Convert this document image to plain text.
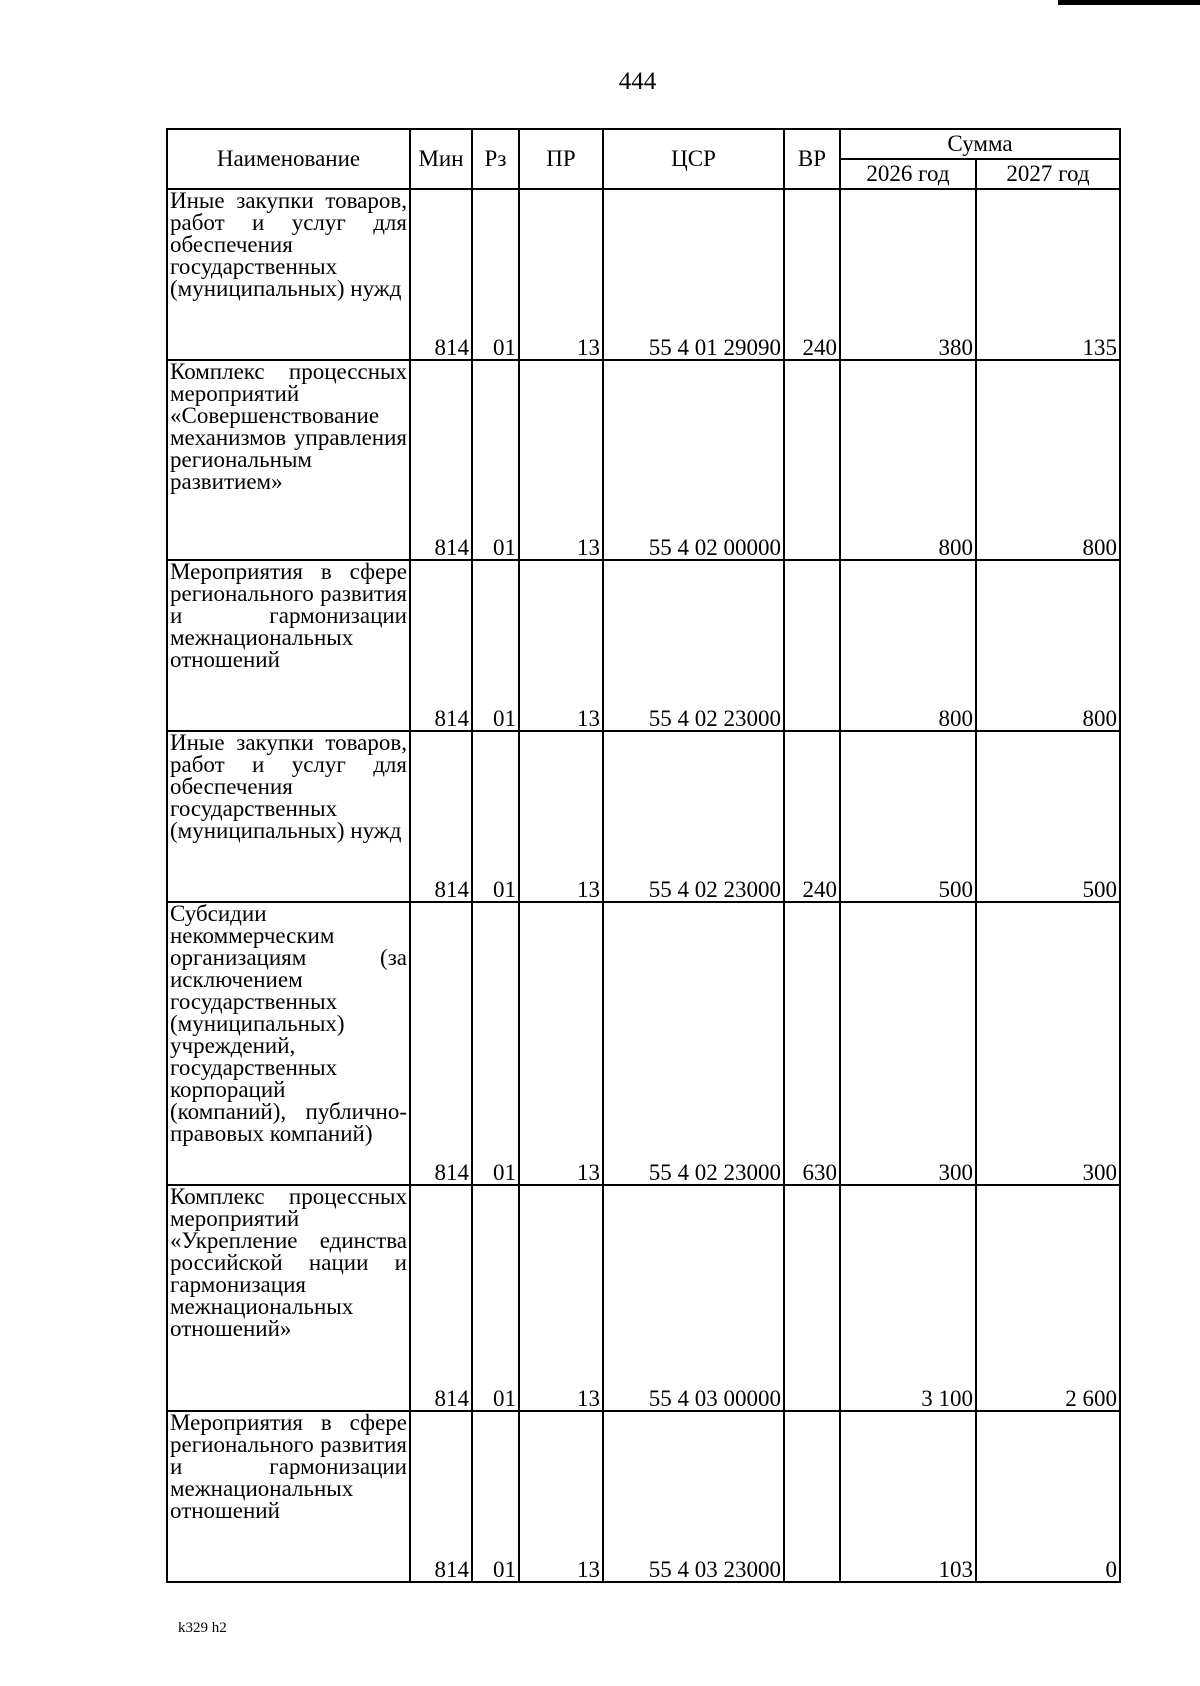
444
Наименование	Мин	Рз	ПР	ЦСР	ВР	Сумма	
						2026 год	2027 год
Иные закупки товаров, работ и услуг для обеспечения государственных (муниципальных) нужд	814	01	13	55 4 01 29090	240	380	135
Комплекс процессных мероприятий «Совершенствование механизмов управления региональным развитием»	814	01	13	55 4 02 00000		800	800
Мероприятия в сфере регионального развития и гармонизации межнациональных отношений	814	01	13	55 4 02 23000		800	800
Иные закупки товаров, работ и услуг для обеспечения государственных (муниципальных) нужд	814	01	13	55 4 02 23000	240	500	500
Субсидии некоммерческим организациям (за исключением государственных (муниципальных) учреждений, государственных корпораций (компаний), публично-правовых компаний)	814	01	13	55 4 02 23000	630	300	300
Комплекс процессных мероприятий «Укрепление единства российской нации и гармонизация межнациональных отношений»	814	01	13	55 4 03 00000		3 100	2 600
Мероприятия в сфере регионального развития и гармонизации межнациональных отношений	814	01	13	55 4 03 23000		103	0
k329 h2
